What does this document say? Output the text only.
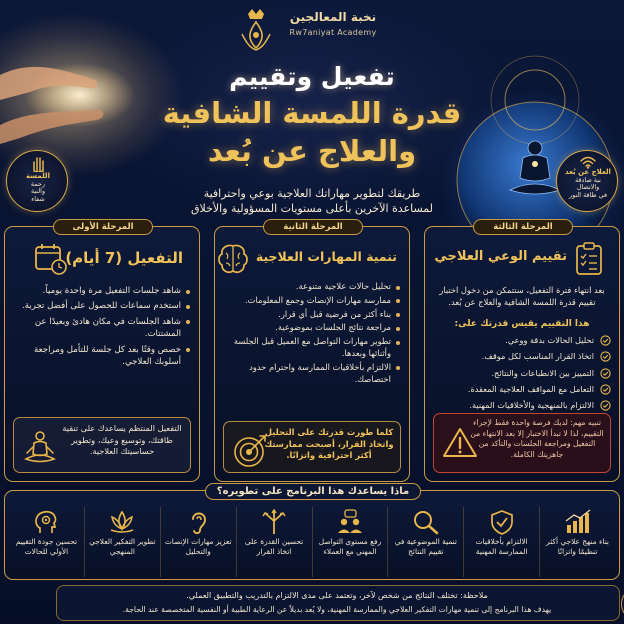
نخبة المعالجين
Rw7aniyat Academy
تفعيل وتقييم
قدرة اللمسة الشافية
والعلاج عن بُعد
طريقك لتطوير مهاراتك العلاجية بوعي واحترافية
لمساعدة الآخرين بأعلى مستويات المسؤولية والأخلاق
اللمسة
رحمة
والنية
شفاء
العلاج عن بُعد
نية صادقة
والاتصال
في طاقة النور
المرحلة الأولى
التفعيل (7 أيام)
شاهد جلسات التفعيل مرة واحدة يومياً.
استخدم سماعات للحصول على أفضل تجربة.
شاهد الجلسات في مكان هادئ وبعيدًا عن المشتتات.
خصص وقتًا بعد كل جلسة للتأمل ومراجعة أسلوبك العلاجي.
التفعيل المنتظم يساعدك على تنقية طاقتك، وتوسيع وعيك، وتطوير حساسيتك العلاجية.
المرحلة الثانية
تنمية المهارات العلاجية
تحليل حالات علاجية متنوعة.
ممارسة مهارات الإنصات وجمع المعلومات.
بناء أكثر من فرضية قبل أي قرار.
مراجعة نتائج الجلسات بموضوعية.
تطوير مهارات التواصل مع العميل قبل الجلسة وأثنائها وبعدها.
الالتزام بأخلاقيات الممارسة واحترام حدود اختصاصك.
كلما طورت قدرتك على التحليل واتخاذ القرار، أصبحت ممارستك أكثر احترافية واتزانًا.
المرحلة الثالثة
تقييم الوعي العلاجي
بعد انتهاء فترة التفعيل، ستتمكن من دخول اختبار تقييم قدرة اللمسة الشافية والعلاج عن بُعد.
هذا التقييم يقيس قدرتك على:
تحليل الحالات بدقة ووعي.
اتخاذ القرار المناسب لكل موقف.
التمييز بين الانطباعات والنتائج.
التعامل مع المواقف العلاجية المعقدة.
الالتزام بالمنهجية والأخلاقيات المهنية.
تنبيه مهم: لديك فرصة واحدة فقط لإجراء التقييم، لذا لا تبدأ الاختبار إلا بعد الانتهاء من التفعيل ومراجعة الجلسات والتأكد من جاهزيتك الكاملة.
ماذا يساعدك هذا البرنامج على تطويره؟
بناء منهج علاجي أكثر تنظيمًا واتزانًا
الالتزام بأخلاقيات الممارسة المهنية
تنمية الموضوعية في تقييم النتائج
رفع مستوى التواصل المهني مع العملاء
تحسين القدرة على اتخاذ القرار
تعزيز مهارات الإنصات والتحليل
تطوير التفكير العلاجي المنهجي
تحسين جودة التقييم الأولي للحالات
ملاحظة: تختلف النتائج من شخص لآخر، وتعتمد على مدى الالتزام بالتدريب والتطبيق العملي.
يهدف هذا البرنامج إلى تنمية مهارات التفكير العلاجي والممارسة المهنية، ولا يُعد بديلاً عن الرعاية الطبية أو النفسية المتخصصة عند الحاجة.
